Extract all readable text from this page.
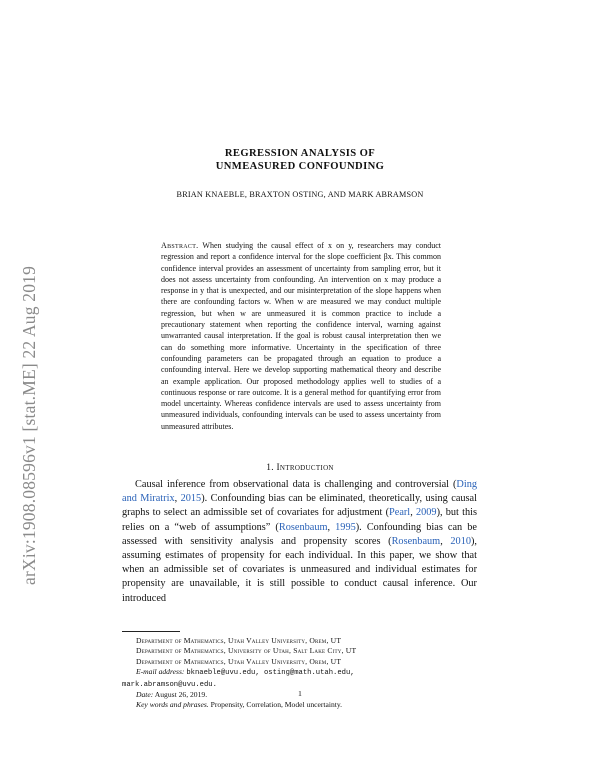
arXiv:1908.08596v1 [stat.ME] 22 Aug 2019
REGRESSION ANALYSIS OF
UNMEASURED CONFOUNDING
BRIAN KNAEBLE, BRAXTON OSTING, AND MARK ABRAMSON
Abstract. When studying the causal effect of x on y, researchers may conduct regression and report a confidence interval for the slope coefficient βx. This common confidence interval provides an assessment of uncertainty from sampling error, but it does not assess uncertainty from confounding. An intervention on x may produce a response in y that is unexpected, and our misinterpretation of the slope happens when there are confounding factors w. When w are measured we may conduct multiple regression, but when w are unmeasured it is common practice to include a precautionary statement when reporting the confidence interval, warning against unwarranted causal interpretation. If the goal is robust causal interpretation then we can do something more informative. Uncertainty in the specification of three confounding parameters can be propagated through an equation to produce a confounding interval. Here we develop supporting mathematical theory and describe an example application. Our proposed methodology applies well to studies of a continuous response or rare outcome. It is a general method for quantifying error from model uncertainty. Whereas confidence intervals are used to assess uncertainty from unmeasured individuals, confounding intervals can be used to assess uncertainty from unmeasured attributes.
1. Introduction

Causal inference from observational data is challenging and controversial (Ding and Miratrix, 2015). Confounding bias can be eliminated, theoretically, using causal graphs to select an admissible set of covariates for adjustment (Pearl, 2009), but this relies on a “web of assumptions” (Rosenbaum, 1995). Confounding bias can be assessed with sensitivity analysis and propensity scores (Rosenbaum, 2010), assuming estimates of propensity for each individual. In this paper, we show that when an admissible set of covariates is unmeasured and individual estimates for propensity are unavailable, it is still possible to conduct causal inference. Our introduced

Department of Mathematics, Utah Valley University, Orem, UT
Department of Mathematics, University of Utah, Salt Lake City, UT
Department of Mathematics, Utah Valley University, Orem, UT
E-mail address: bknaeble@uvu.edu, osting@math.utah.edu,
mark.abramson@uvu.edu.
Date: August 26, 2019.
Key words and phrases. Propensity, Correlation, Model uncertainty.
1
